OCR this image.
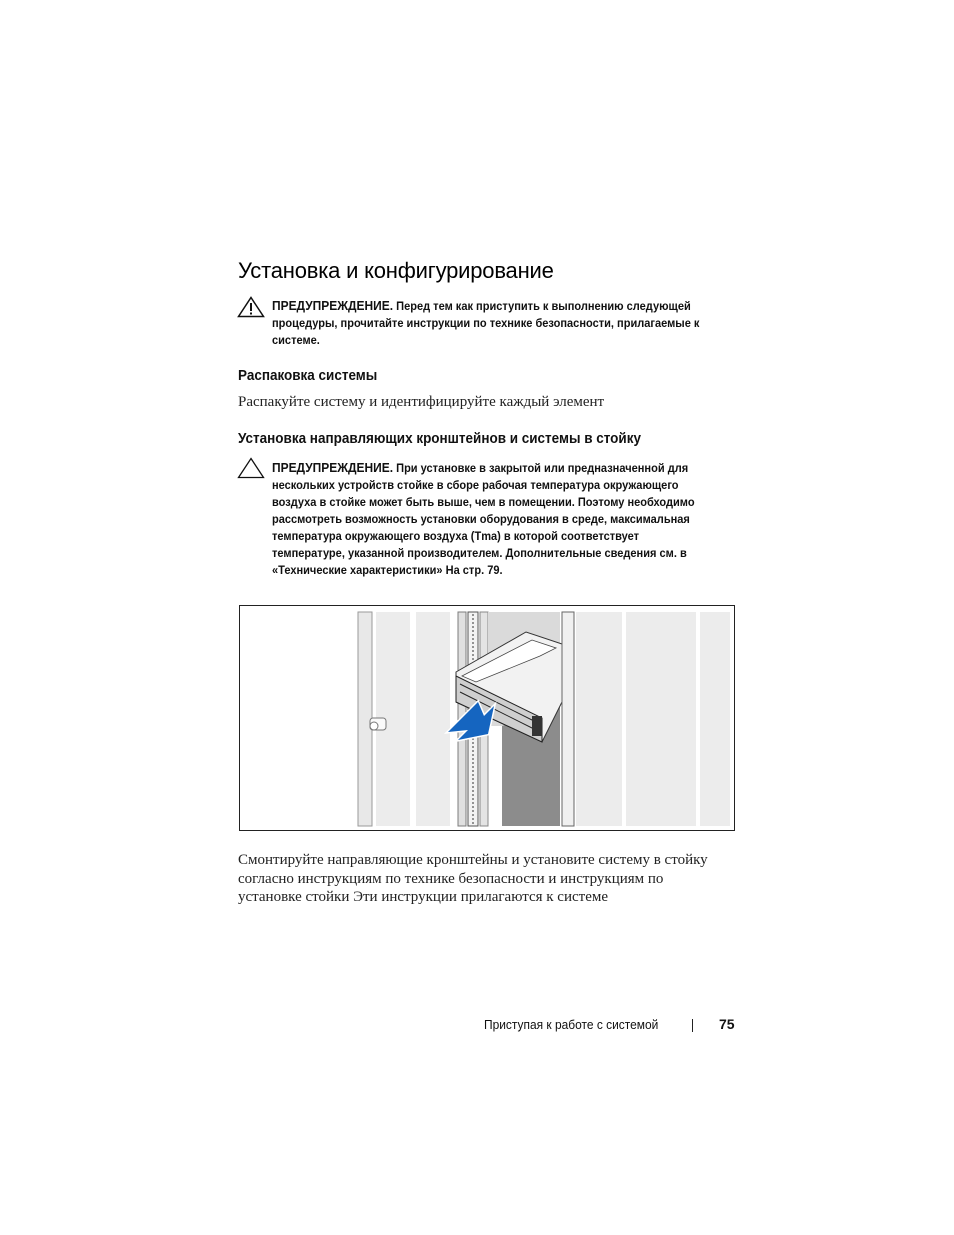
Установка и конфигурирование
ПРЕДУПРЕЖДЕНИЕ. Перед тем как приступить к выполнению следующей
процедуры, прочитайте инструкции по технике безопасности, прилагаемые к
системе.
Распаковка системы
Распакуйте систему и идентифицируйте каждый элемент
Установка направляющих кронштейнов и системы в стойку
ПРЕДУПРЕЖДЕНИЕ. При установке в закрытой или предназначенной для
нескольких устройств стойке в сборе рабочая температура окружающего
воздуха в стойке может быть выше, чем в помещении. Поэтому необходимо
рассмотреть возможность установки оборудования в среде, максимальная
температура окружающего воздуха (Tma) в которой соответствует
температуре, указанной производителем. Дополнительные сведения см. в
«Технические характеристики» На стр. 79.
Смонтируйте направляющие кронштейны и установите систему в стойку
согласно инструкциям по технике безопасности и инструкциям по
установке стойки Эти инструкции прилагаются к системе
Приступая к работе с системой	75
